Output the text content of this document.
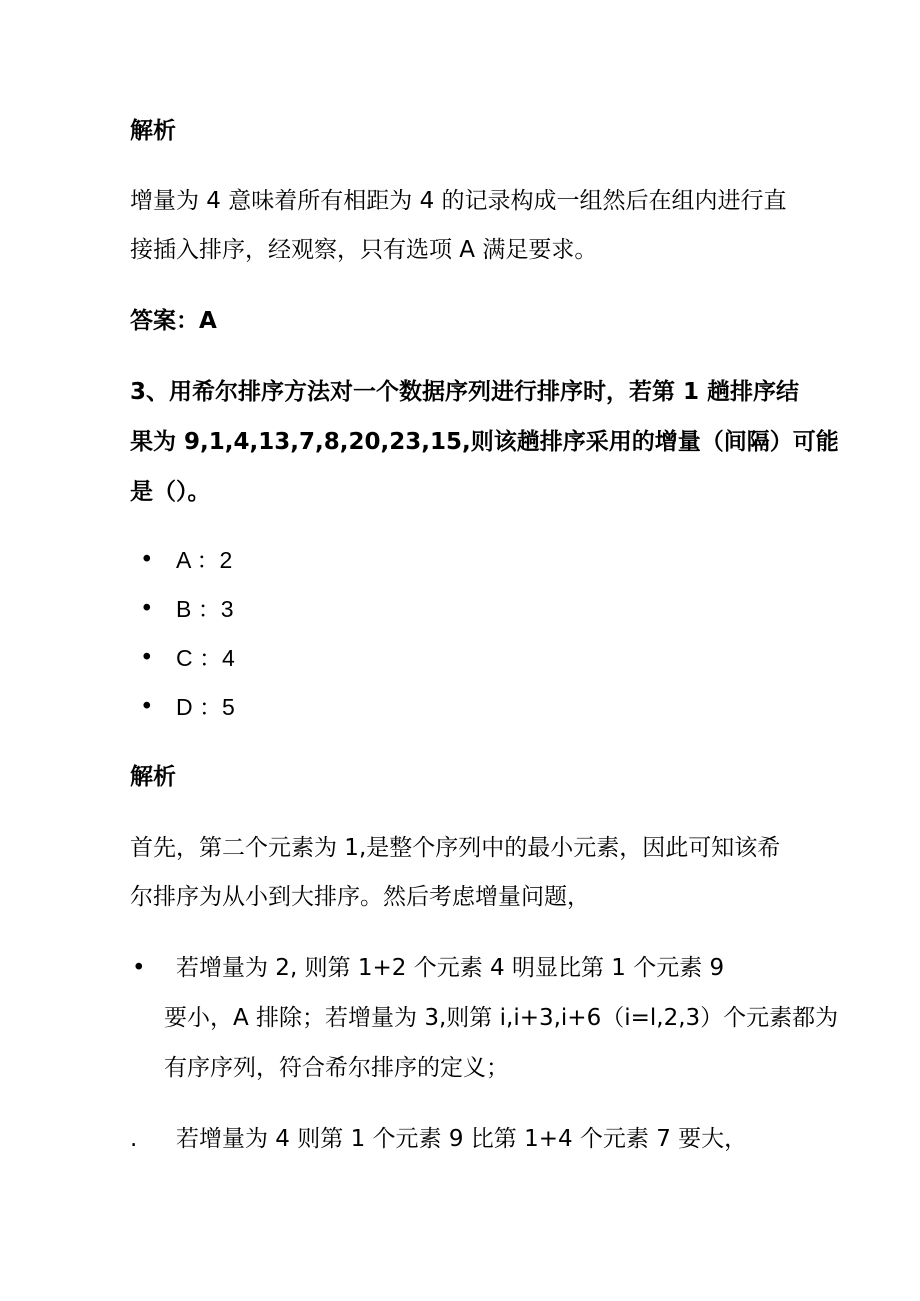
解析

增量为 4 意味着所有相距为 4 的记录构成一组然后在组内进行直

接插入排序，经观察，只有选项 A 满足要求。

答案：A

3、用希尔排序方法对一个数据序列进行排序时，若第 1 趟排序结

果为 9,1,4,13,7,8,20,23,15,则该趟排序采用的增量（间隔）可能

是（）。

• A ：2
• B ：3
• C ：4
• D ：5
解析

首先，第二个元素为 1,是整个序列中的最小元素，因此可知该希

尔排序为从小到大排序。然后考虑增量问题，

• 若增量为 2, 则第 1+2 个元素 4 明显比第 1 个元素 9

要小，A 排除；若增量为 3,则第 i,i+3,i+6（i=l,2,3）个元素都为

有序序列，符合希尔排序的定义；

. 若增量为 4 则第 1 个元素 9 比第 1+4 个元素 7 要大，
